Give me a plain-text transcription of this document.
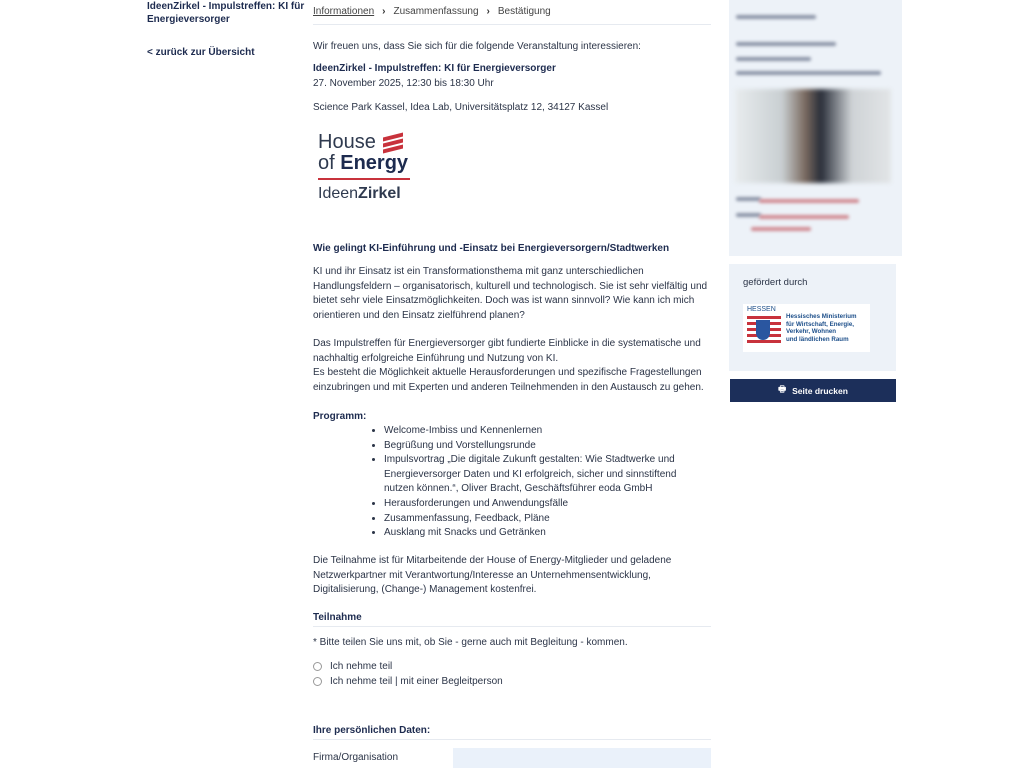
IdeenZirkel - Impulstreffen: KI für Energieversorger
< zurück zur Übersicht
Informationen › Zusammenfassung › Bestätigung
Wir freuen uns, dass Sie sich für die folgende Veranstaltung interessieren:
IdeenZirkel - Impulstreffen: KI für Energieversorger
27. November 2025, 12:30 bis 18:30 Uhr
Science Park Kassel, Idea Lab, Universitätsplatz 12, 34127 Kassel
House
of Energy
IdeenZirkel
Wie gelingt KI-Einführung und -Einsatz bei Energieversorgern/Stadtwerken
KI und ihr Einsatz ist ein Transformationsthema mit ganz unterschiedlichen Handlungsfeldern – organisatorisch, kulturell und technologisch. Sie ist sehr vielfältig und bietet sehr viele Einsatzmöglichkeiten. Doch was ist wann sinnvoll? Wie kann ich mich orientieren und den Einsatz zielführend planen?
Das Impulstreffen für Energieversorger gibt fundierte Einblicke in die systematische und nachhaltig erfolgreiche Einführung und Nutzung von KI.
Es besteht die Möglichkeit aktuelle Herausforderungen und spezifische Fragestellungen einzubringen und mit Experten und anderen Teilnehmenden in den Austausch zu gehen.
Programm:
• Welcome-Imbiss und Kennenlernen
• Begrüßung und Vorstellungsrunde
• Impulsvortrag „Die digitale Zukunft gestalten: Wie Stadtwerke und Energieversorger Daten und KI erfolgreich, sicher und sinnstiftend nutzen können.“, Oliver Bracht, Geschäftsführer eoda GmbH
• Herausforderungen und Anwendungsfälle
• Zusammenfassung, Feedback, Pläne
• Ausklang mit Snacks und Getränken
Die Teilnahme ist für Mitarbeitende der House of Energy-Mitglieder und geladene Netzwerkpartner mit Verantwortung/Interesse an Unternehmensentwicklung, Digitalisierung, (Change-) Management kostenfrei.
Teilnahme
* Bitte teilen Sie uns mit, ob Sie - gerne auch mit Begleitung - kommen.
Ich nehme teil
Ich nehme teil | mit einer Begleitperson
Ihre persönlichen Daten:
Firma/Organisation
gefördert durch
HESSEN
Hessisches Ministerium
für Wirtschaft, Energie,
Verkehr, Wohnen
und ländlichen Raum
🖶 Seite drucken
